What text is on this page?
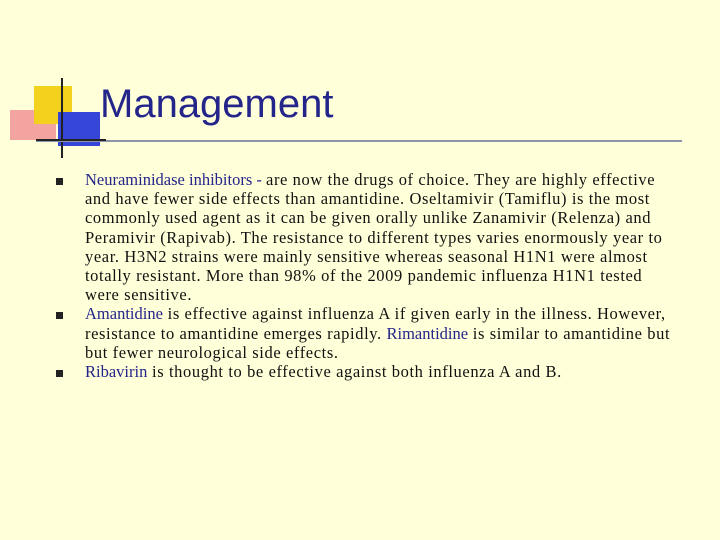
Management
Neuraminidase inhibitors - are now the drugs of choice. They are highly effective and have fewer side effects than amantidine. Oseltamivir (Tamiflu) is the most commonly used agent as it can be given orally unlike Zanamivir (Relenza) and Peramivir (Rapivab). The resistance to different types varies enormously year to year. H3N2 strains were mainly sensitive whereas seasonal H1N1 were almost totally resistant. More than 98% of the 2009 pandemic influenza H1N1 tested were sensitive.
Amantidine is effective against influenza A if given early in the illness. However, resistance to amantidine emerges rapidly. Rimantidine is similar to amantidine but but fewer neurological side effects.
Ribavirin is thought to be effective against both influenza A and B.
